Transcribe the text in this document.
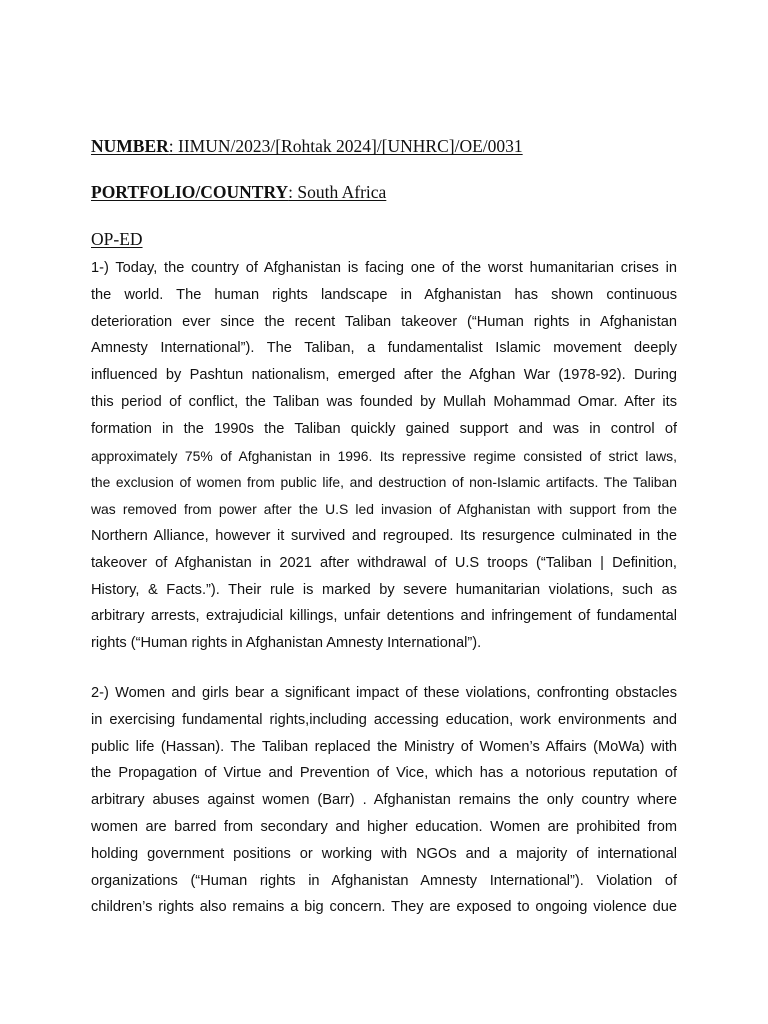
NUMBER: IIMUN/2023/[Rohtak 2024]/[UNHRC]/OE/0031
PORTFOLIO/COUNTRY: South Africa
OP-ED
1-) Today, the country of Afghanistan is facing one of the worst humanitarian crises in
the world. The human rights landscape in Afghanistan has shown continuous
deterioration ever since the recent Taliban takeover (“Human rights in Afghanistan
Amnesty International”). The Taliban, a fundamentalist Islamic movement deeply
influenced by Pashtun nationalism, emerged after the Afghan War (1978-92). During
this period of conflict, the Taliban was founded by Mullah Mohammad Omar. After its
formation in the 1990s the Taliban quickly gained support and was in control of
approximately 75% of Afghanistan in 1996. Its repressive regime consisted of strict laws,
the exclusion of women from public life, and destruction of non-Islamic artifacts. The Taliban
was removed from power after the U.S led invasion of Afghanistan with support from the
Northern Alliance, however it survived and regrouped. Its resurgence culminated in the
takeover of Afghanistan in 2021 after withdrawal of U.S troops (“Taliban | Definition,
History, & Facts.”). Their rule is marked by severe humanitarian violations, such as
arbitrary arrests, extrajudicial killings, unfair detentions and infringement of fundamental
rights (“Human rights in Afghanistan Amnesty International”).
2-) Women and girls bear a significant impact of these violations, confronting obstacles
in exercising fundamental rights,including accessing education, work environments and
public life (Hassan). The Taliban replaced the Ministry of Women’s Affairs (MoWa) with
the Propagation of Virtue and Prevention of Vice, which has a notorious reputation of
arbitrary abuses against women (Barr) . Afghanistan remains the only country where
women are barred from secondary and higher education. Women are prohibited from
holding government positions or working with NGOs and a majority of international
organizations (“Human rights in Afghanistan Amnesty International”). Violation of
children’s rights also remains a big concern. They are exposed to ongoing violence due
